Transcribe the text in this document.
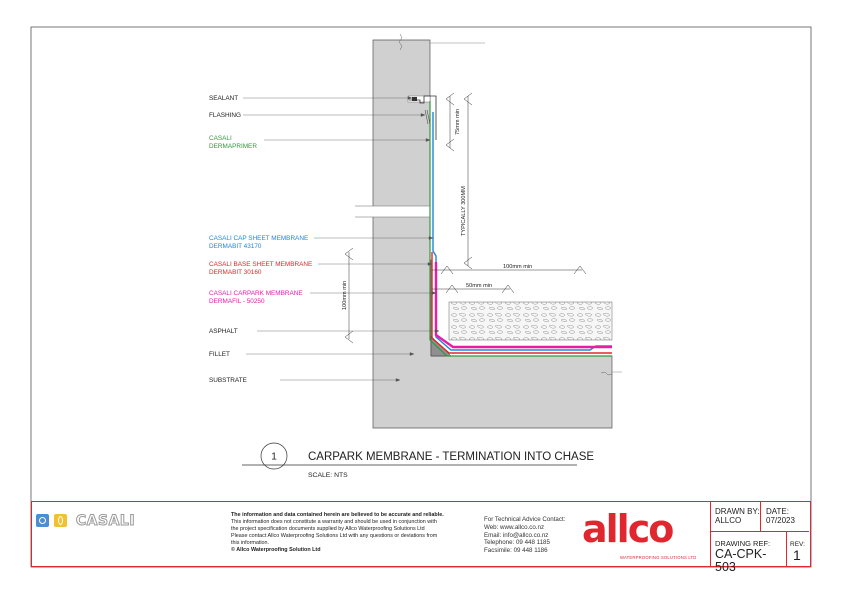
SEALANT
FLASHING
CASALI
DERMAPRIMER
CASALI CAP SHEET MEMBRANE
DERMABIT 43170
CASALI BASE SHEET MEMBRANE
DERMABIT 30160
CASALI CARPARK MEMBRANE
DERMAFIL - 50250
ASPHALT
FILLET
SUBSTRATE
75mm min
TYPICALLY 300MM
100mm min
50mm min
100mm min
1	CARPARK MEMBRANE - TERMINATION INTO CHASE
SCALE: NTS

CASALI	The information and data contained herein are believed to be accurate and reliable.
This information does not constitute a warranty and should be used in conjunction with
the project specification documents supplied by Allco Waterproofing Solutions Ltd
Please contact Allco Waterproofing Solutions Ltd with any questions or deviations from
this information.
© Allco Waterproofing Solution Ltd
For Technical Advice Contact:
Web: www.allco.co.nz
Email: info@allco.co.nz
Telephone: 09 448 1185
Facsimile: 09 448 1186 allco
WATERPROOFING SOLUTIONS LTD
DRAWN BY:
ALLCO
DATE:
07/2023
DRAWING REF:
CA-CPK-503
REV:
1
